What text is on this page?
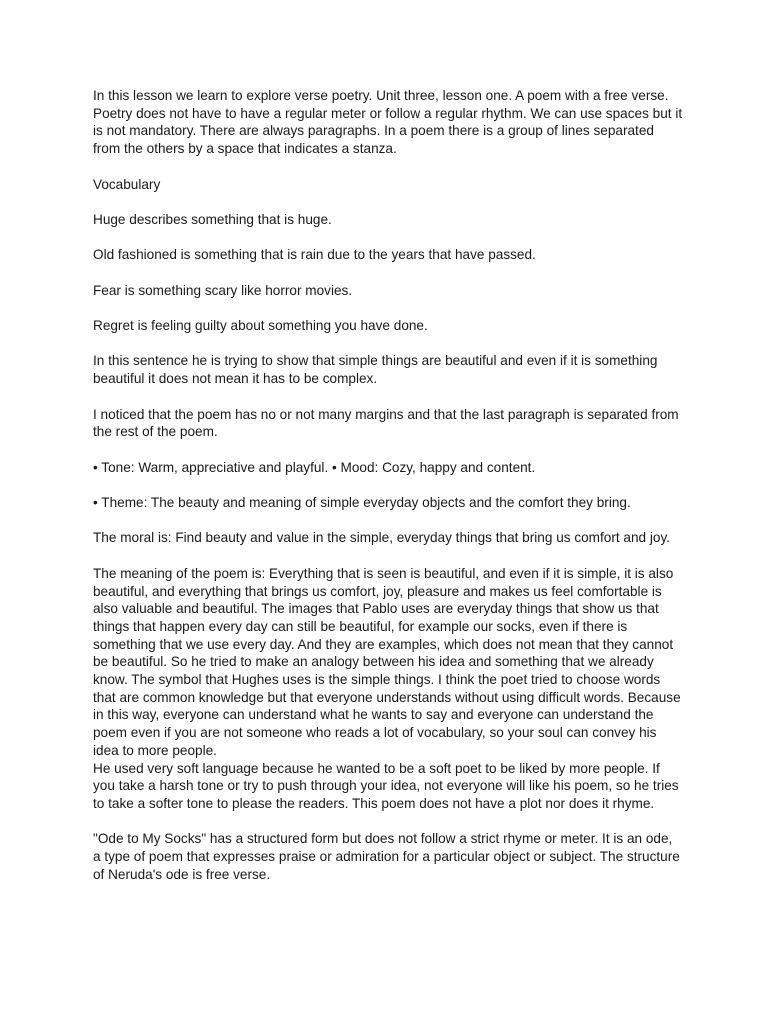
In this lesson we learn to explore verse poetry. Unit three, lesson one. A poem with a free verse. Poetry does not have to have a regular meter or follow a regular rhythm. We can use spaces but it is not mandatory. There are always paragraphs. In a poem there is a group of lines separated from the others by a space that indicates a stanza.

Vocabulary

Huge describes something that is huge.

Old fashioned is something that is rain due to the years that have passed.

Fear is something scary like horror movies.

Regret is feeling guilty about something you have done.

In this sentence he is trying to show that simple things are beautiful and even if it is something beautiful it does not mean it has to be complex.

I noticed that the poem has no or not many margins and that the last paragraph is separated from the rest of the poem.

• Tone: Warm, appreciative and playful. • Mood: Cozy, happy and content.

• Theme: The beauty and meaning of simple everyday objects and the comfort they bring.

The moral is: Find beauty and value in the simple, everyday things that bring us comfort and joy.

The meaning of the poem is: Everything that is seen is beautiful, and even if it is simple, it is also beautiful, and everything that brings us comfort, joy, pleasure and makes us feel comfortable is also valuable and beautiful. The images that Pablo uses are everyday things that show us that things that happen every day can still be beautiful, for example our socks, even if there is something that we use every day. And they are examples, which does not mean that they cannot be beautiful. So he tried to make an analogy between his idea and something that we already know. The symbol that Hughes uses is the simple things. I think the poet tried to choose words that are common knowledge but that everyone understands without using difficult words. Because in this way, everyone can understand what he wants to say and everyone can understand the poem even if you are not someone who reads a lot of vocabulary, so your soul can convey his idea to more people.

He used very soft language because he wanted to be a soft poet to be liked by more people. If you take a harsh tone or try to push through your idea, not everyone will like his poem, so he tries to take a softer tone to please the readers. This poem does not have a plot nor does it rhyme.

"Ode to My Socks" has a structured form but does not follow a strict rhyme or meter. It is an ode, a type of poem that expresses praise or admiration for a particular object or subject. The structure of Neruda's ode is free verse.
